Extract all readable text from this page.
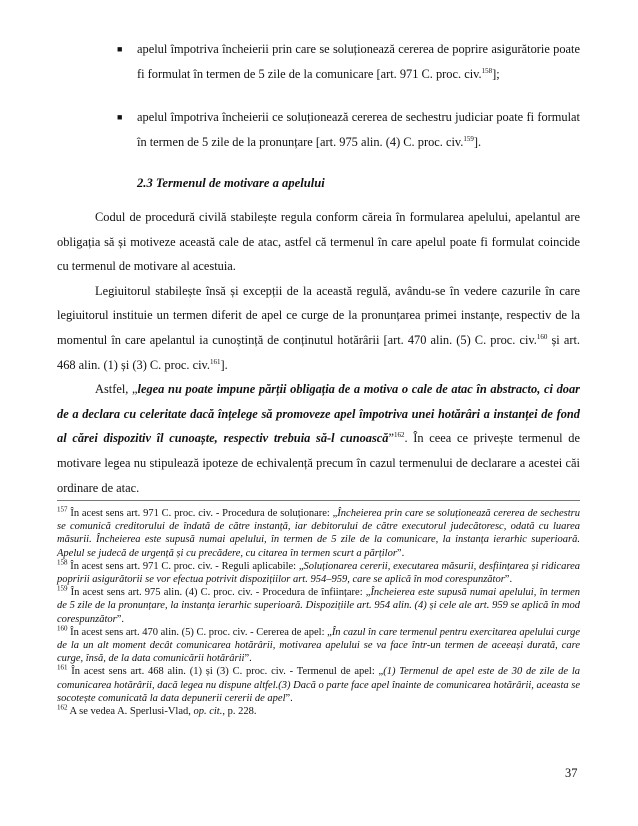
■ apelul împotriva încheierii prin care se soluționează cererea de poprire asigurătorie poate fi formulat în termen de 5 zile de la comunicare [art. 971 C. proc. civ.$^{158}$];
■ apelul împotriva încheierii ce soluționează cererea de sechestru judiciar poate fi formulat în termen de 5 zile de la pronunțare [art. 975 alin. (4) C. proc. civ.$^{159}$].
2.3 Termenul de motivare a apelului

Codul de procedură civilă stabilește regula conform căreia în formularea apelului, apelantul are obligația să și motiveze această cale de atac, astfel că termenul în care apelul poate fi formulat coincide cu termenul de motivare al acestuia.

Legiuitorul stabilește însă și excepții de la această regulă, avându-se în vedere cazurile în care legiuitorul instituie un termen diferit de apel ce curge de la pronunțarea primei instanțe, respectiv de la momentul în care apelantul ia cunoștință de conținutul hotărârii [art. 470 alin. (5) C. proc. civ.$^{160}$ și art. 468 alin. (1) și (3) C. proc. civ.$^{161}$].

Astfel, „legea nu poate impune părții obligația de a motiva o cale de atac în abstracto, ci doar de a declara cu celeritate dacă înțelege să promoveze apel împotriva unei hotărâri a instanței de fond al cărei dispozitiv îl cunoaște, respectiv trebuia să-l cunoască”$^{162}$. În ceea ce privește termenul de motivare legea nu stipulează ipoteze de echivalență precum în cazul termenului de declarare a acestei căi ordinare de atac.

$^{157}$ În acest sens art. 971 C. proc. civ. - Procedura de soluționare: „Încheierea prin care se soluționează cererea de sechestru se comunică creditorului de îndată de către instanță, iar debitorului de către executorul judecătoresc, odată cu luarea măsurii. Încheierea este supusă numai apelului, în termen de 5 zile de la comunicare, la instanța ierarhic superioară. Apelul se judecă de urgență și cu precădere, cu citarea în termen scurt a părților”.

$^{158}$ În acest sens art. 971 C. proc. civ. - Reguli aplicabile: „Soluționarea cererii, executarea măsurii, desființarea și ridicarea popririi asigurătorii se vor efectua potrivit dispozițiilor art. 954–959, care se aplică în mod corespunzător”.

$^{159}$ În acest sens art. 975 alin. (4) C. proc. civ. - Procedura de înființare: „Încheierea este supusă numai apelului, în termen de 5 zile de la pronunțare, la instanța ierarhic superioară. Dispozițiile art. 954 alin. (4) și cele ale art. 959 se aplică în mod corespunzător”.

$^{160}$ În acest sens art. 470 alin. (5) C. proc. civ. - Cererea de apel: „În cazul în care termenul pentru exercitarea apelului curge de la un alt moment decât comunicarea hotărârii, motivarea apelului se va face într-un termen de aceeași durată, care curge, însă, de la data comunicării hotărârii”.

$^{161}$ În acest sens art. 468 alin. (1) și (3) C. proc. civ. - Termenul de apel: „(1) Termenul de apel este de 30 de zile de la comunicarea hotărârii, dacă legea nu dispune altfel.(3) Dacă o parte face apel înainte de comunicarea hotărârii, aceasta se socotește comunicată la data depunerii cererii de apel”.

$^{162}$ A se vedea A. Sperlusi-Vlad, op. cit., p. 228.

37
